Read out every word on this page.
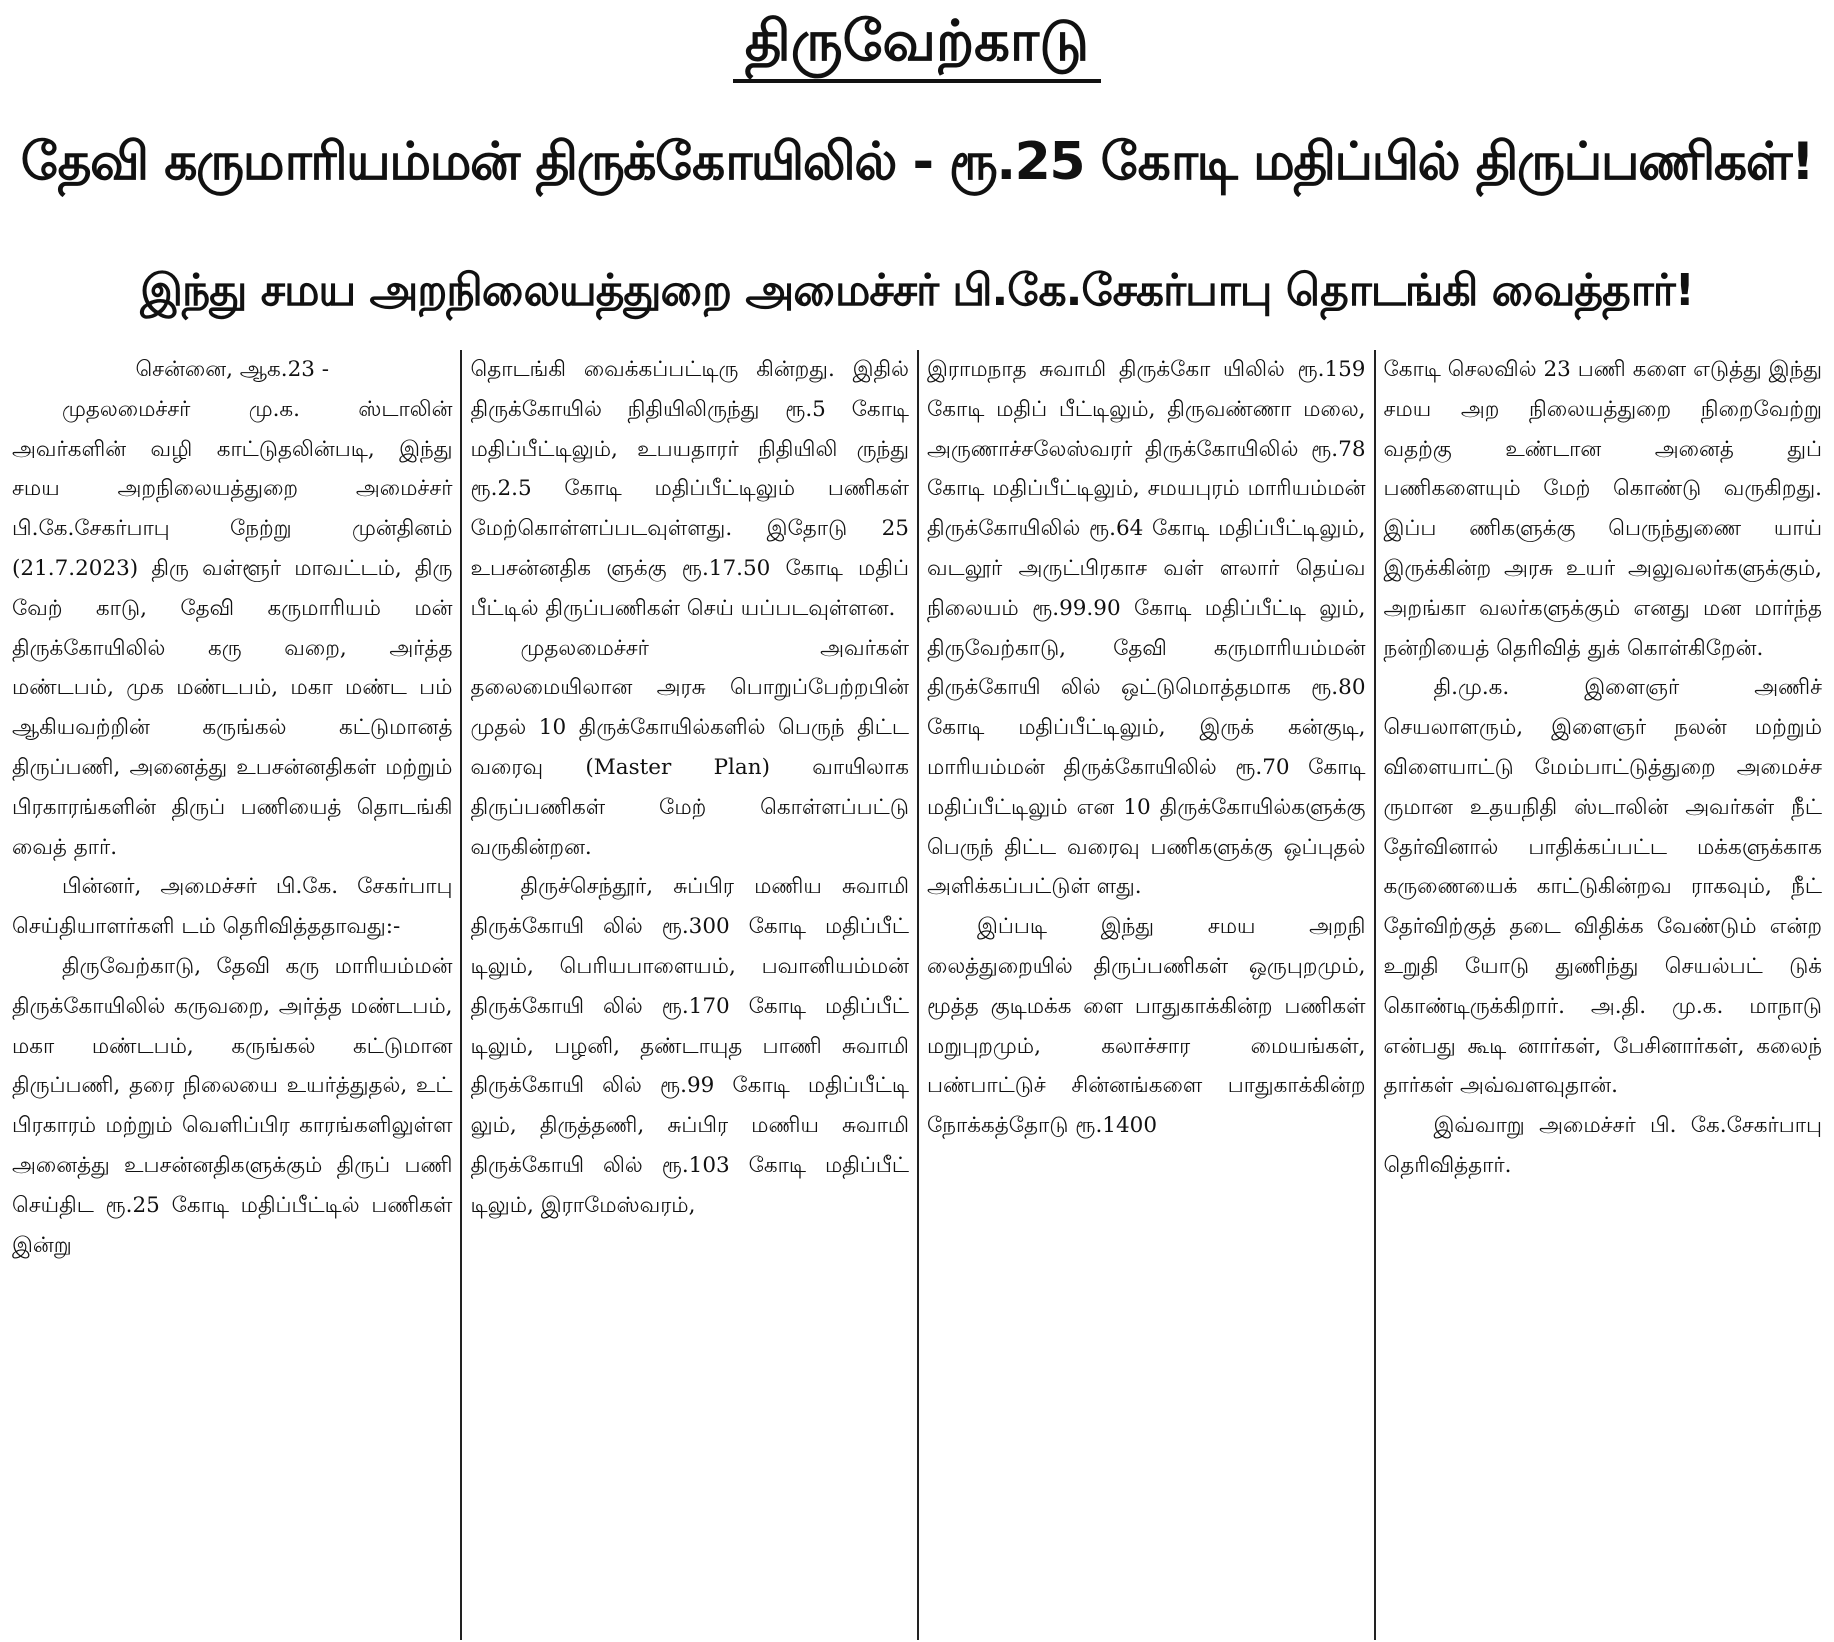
திருவேற்காடு
தேவி கருமாரியம்மன் திருக்கோயிலில் - ரூ.25 கோடி மதிப்பில் திருப்பணிகள்!
இந்து சமய அறநிலையத்துறை அமைச்சர் பி.கே.சேகர்பாபு தொடங்கி வைத்தார்!

சென்னை, ஆக.23 -

முதலமைச்சர் மு.க. ஸ்டாலின் அவர்களின் வழி காட்டுதலின்படி, இந்து சமய அறநிலையத்துறை அமைச்சர் பி.கே.சேகர்பாபு நேற்று முன்தினம் (21.7.2023) திரு வள்ளூர் மாவட்டம், திரு வேற் காடு, தேவி கருமாரியம் மன் திருக்கோயிலில் கரு வறை, அர்த்த மண்டபம், முக மண்டபம், மகா மண்ட பம் ஆகியவற்றின் கருங்கல் கட்டுமானத் திருப்பணி, அனைத்து உபசன்னதிகள் மற்றும் பிரகாரங்களின் திருப் பணியைத் தொடங்கி வைத் தார்.

பின்னர், அமைச்சர் பி.கே. சேகர்பாபு செய்தியாளர்களி டம் தெரிவித்ததாவது:-

திருவேற்காடு, தேவி கரு மாரியம்மன் திருக்கோயிலில் கருவறை, அர்த்த மண்டபம், மகா மண்டபம், கருங்கல் கட்டுமான திருப்பணி, தரை நிலையை உயர்த்துதல், உட் பிரகாரம் மற்றும் வெளிப்பிர காரங்களிலுள்ள அனைத்து உபசன்னதிகளுக்கும் திருப் பணி செய்திட ரூ.25 கோடி மதிப்பீட்டில் பணிகள் இன்று

தொடங்கி வைக்கப்பட்டிரு கின்றது. இதில் திருக்கோயில் நிதியிலிருந்து ரூ.5 கோடி மதிப்பீட்டிலும், உபயதாரர் நிதியிலி ருந்து ரூ.2.5 கோடி மதிப்பீட்டிலும் பணிகள் மேற்கொள்ளப்படவுள்ளது. இதோடு 25 உபசன்னதிக ளுக்கு ரூ.17.50 கோடி மதிப் பீட்டில் திருப்பணிகள் செய் யப்படவுள்ளன.

முதலமைச்சர் அவர்கள் தலைமையிலான அரசு பொறுப்பேற்றபின் முதல் 10 திருக்கோயில்களில் பெருந் திட்ட வரைவு (Master Plan) வாயிலாக திருப்பணிகள் மேற் கொள்ளப்பட்டு வருகின்றன.

திருச்செந்தூர், சுப்பிர மணிய சுவாமி திருக்கோயி லில் ரூ.300 கோடி மதிப்பீட் டிலும், பெரியபாளையம், பவானியம்மன் திருக்கோயி லில் ரூ.170 கோடி மதிப்பீட் டிலும், பழனி, தண்டாயுத பாணி சுவாமி திருக்கோயி லில் ரூ.99 கோடி மதிப்பீட்டி லும், திருத்தணி, சுப்பிர மணிய சுவாமி திருக்கோயி லில் ரூ.103 கோடி மதிப்பீட் டிலும், இராமேஸ்வரம்,

இராமநாத சுவாமி திருக்கோ யிலில் ரூ.159 கோடி மதிப் பீட்டிலும், திருவண்ணா மலை, அருணாச்சலேஸ்வரர் திருக்கோயிலில் ரூ.78 கோடி மதிப்பீட்டிலும், சமயபுரம் மாரியம்மன் திருக்கோயிலில் ரூ.64 கோடி மதிப்பீட்டிலும், வடலூர் அருட்பிரகாச வள் ளலார் தெய்வ நிலையம் ரூ.99.90 கோடி மதிப்பீட்டி லும், திருவேற்காடு, தேவி கருமாரியம்மன் திருக்கோயி லில் ஒட்டுமொத்தமாக ரூ.80 கோடி மதிப்பீட்டிலும், இருக் கன்குடி, மாரியம்மன் திருக்கோயிலில் ரூ.70 கோடி மதிப்பீட்டிலும் என 10 திருக்கோயில்களுக்கு பெருந் திட்ட வரைவு பணிகளுக்கு ஒப்புதல் அளிக்கப்பட்டுள் ளது.

இப்படி இந்து சமய அறநி லைத்துறையில் திருப்பணிகள் ஒருபுறமும், மூத்த குடிமக்க ளை பாதுகாக்கின்ற பணிகள் மறுபுறமும், கலாச்சார மையங்கள், பண்பாட்டுச் சின்னங்களை பாதுகாக்கின்ற நோக்கத்தோடு ரூ.1400

கோடி செலவில் 23 பணி களை எடுத்து இந்து சமய அற நிலையத்துறை நிறைவேற்று வதற்கு உண்டான அனைத் துப் பணிகளையும் மேற் கொண்டு வருகிறது. இப்ப ணிகளுக்கு பெருந்துணை யாய் இருக்கின்ற அரசு உயர் அலுவலர்களுக்கும், அறங்கா வலர்களுக்கும் எனது மன மார்ந்த நன்றியைத் தெரிவித் துக் கொள்கிறேன்.

தி.மு.க. இளைஞர் அணிச் செயலாளரும், இளைஞர் நலன் மற்றும் விளையாட்டு மேம்பாட்டுத்துறை அமைச்ச ருமான உதயநிதி ஸ்டாலின் அவர்கள் நீட் தேர்வினால் பாதிக்கப்பட்ட மக்களுக்காக கருணையைக் காட்டுகின்றவ ராகவும், நீட் தேர்விற்குத் தடை விதிக்க வேண்டும் என்ற உறுதி யோடு துணிந்து செயல்பட் டுக் கொண்டிருக்கிறார். அ.தி. மு.க. மாநாடு என்பது கூடி னார்கள், பேசினார்கள், கலைந் தார்கள் அவ்வளவுதான்.

இவ்வாறு அமைச்சர் பி. கே.சேகர்பாபு தெரிவித்தார்.
